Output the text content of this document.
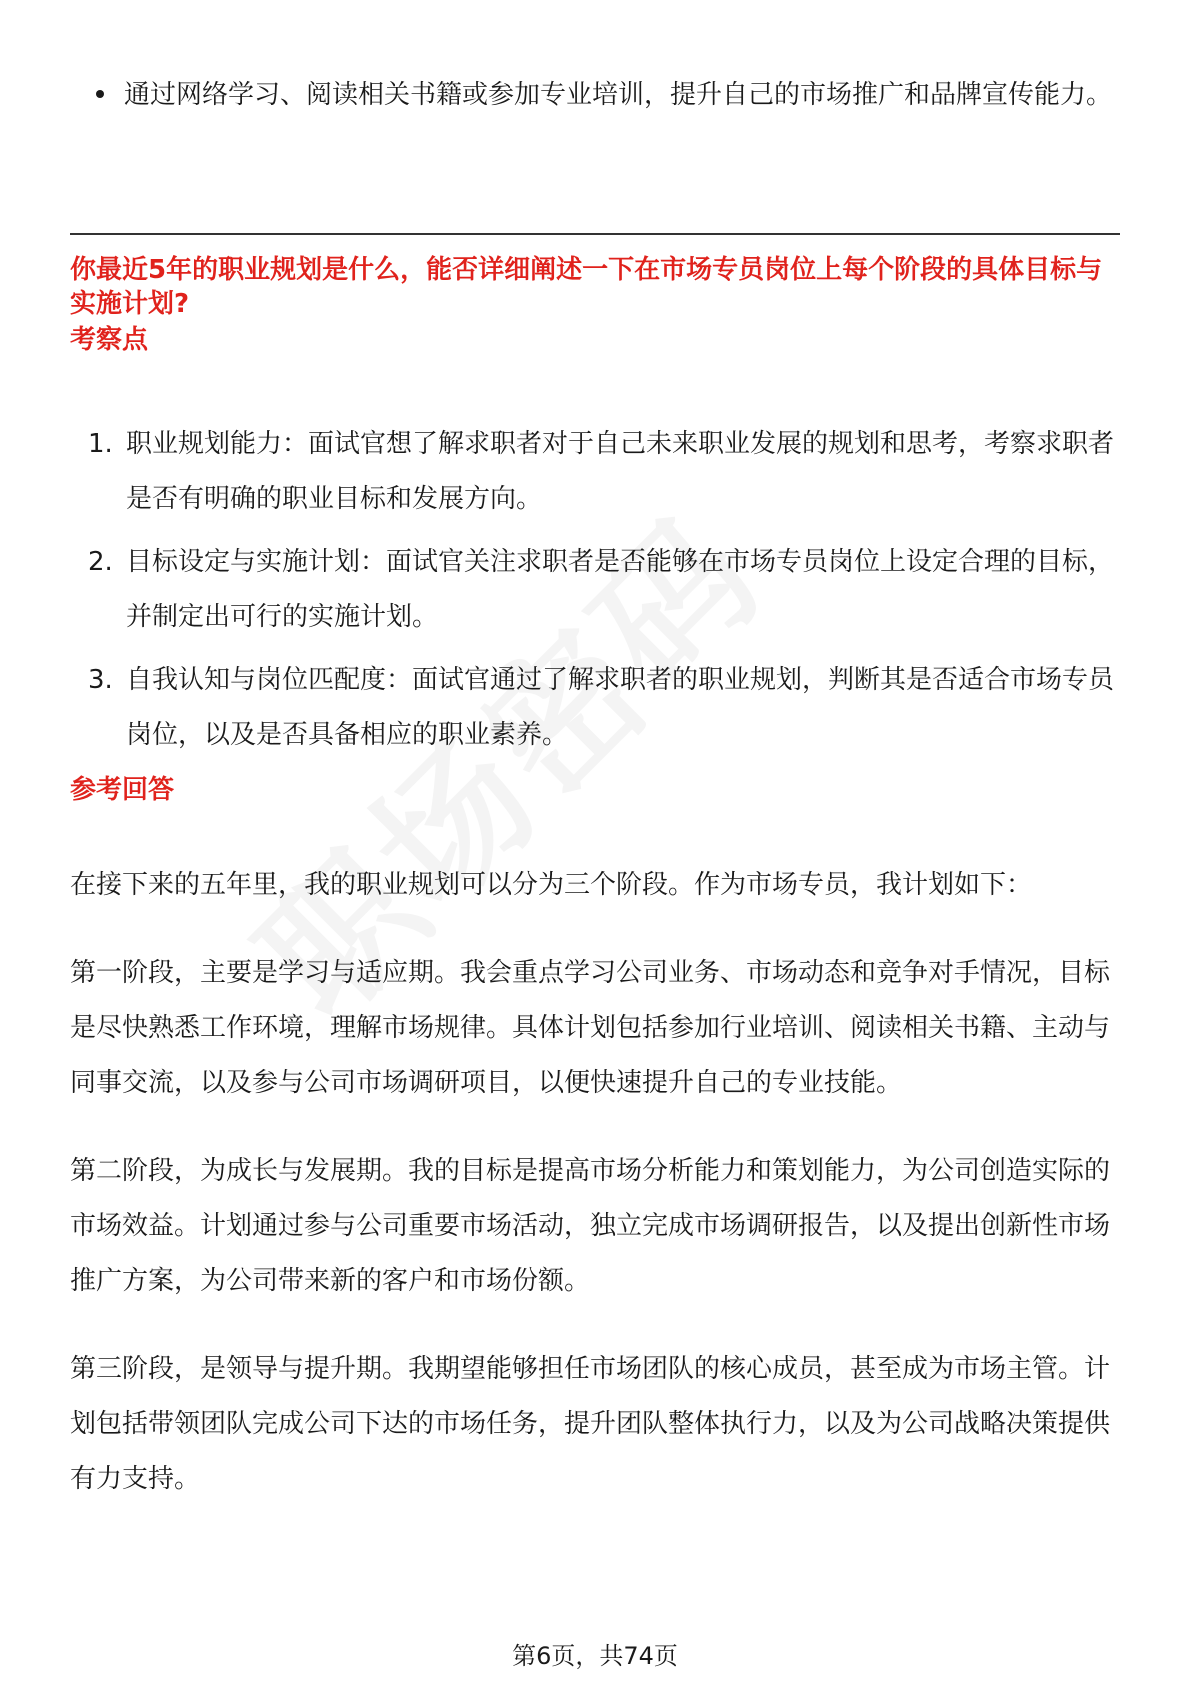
通过网络学习、阅读相关书籍或参加专业培训，提升自己的市场推广和品牌宣传能力。
你最近5年的职业规划是什么，能否详细阐述一下在市场专员岗位上每个阶段的具体目标与实施计划?
考察点
1. 职业规划能力：面试官想了解求职者对于自己未来职业发展的规划和思考，考察求职者是否有明确的职业目标和发展方向。
2. 目标设定与实施计划：面试官关注求职者是否能够在市场专员岗位上设定合理的目标，并制定出可行的实施计划。
3. 自我认知与岗位匹配度：面试官通过了解求职者的职业规划，判断其是否适合市场专员岗位，以及是否具备相应的职业素养。
参考回答

在接下来的五年里，我的职业规划可以分为三个阶段。作为市场专员，我计划如下：

第一阶段，主要是学习与适应期。我会重点学习公司业务、市场动态和竞争对手情况，目标是尽快熟悉工作环境，理解市场规律。具体计划包括参加行业培训、阅读相关书籍、主动与同事交流，以及参与公司市场调研项目，以便快速提升自己的专业技能。

第二阶段，为成长与发展期。我的目标是提高市场分析能力和策划能力，为公司创造实际的市场效益。计划通过参与公司重要市场活动，独立完成市场调研报告，以及提出创新性市场推广方案，为公司带来新的客户和市场份额。

第三阶段，是领导与提升期。我期望能够担任市场团队的核心成员，甚至成为市场主管。计划包括带领团队完成公司下达的市场任务，提升团队整体执行力，以及为公司战略决策提供有力支持。

第6页，共74页
